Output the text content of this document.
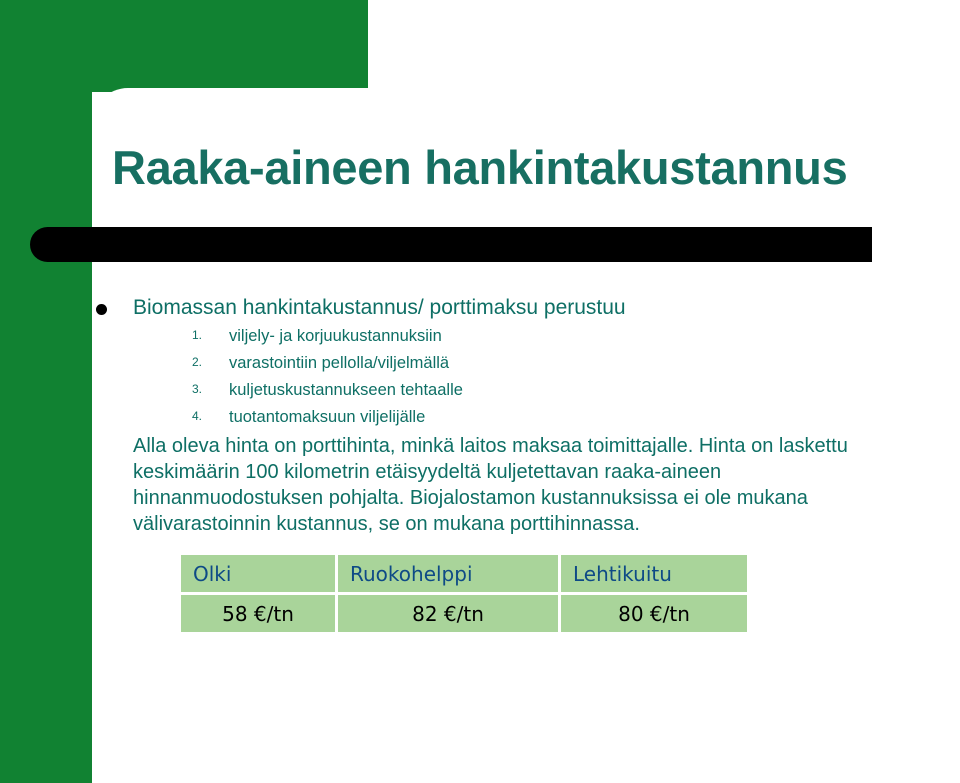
Raaka-aineen hankintakustannus
Biomassan hankintakustannus/ porttimaksu perustuu
1. viljely- ja korjuukustannuksiin
2. varastointiin pellolla/viljelmällä
3. kuljetuskustannukseen tehtaalle
4. tuotantomaksuun viljelijälle
Alla oleva hinta on porttihinta, minkä laitos maksaa toimittajalle. Hinta on laskettu
keskimäärin 100 kilometrin etäisyydeltä kuljetettavan raaka-aineen
hinnanmuodostuksen pohjalta. Biojalostamon kustannuksissa ei ole mukana
välivarastoinnin kustannus, se on mukana porttihinnassa.
Olki	Ruokohelppi	Lehtikuitu
58 €/tn	82 €/tn	80 €/tn
